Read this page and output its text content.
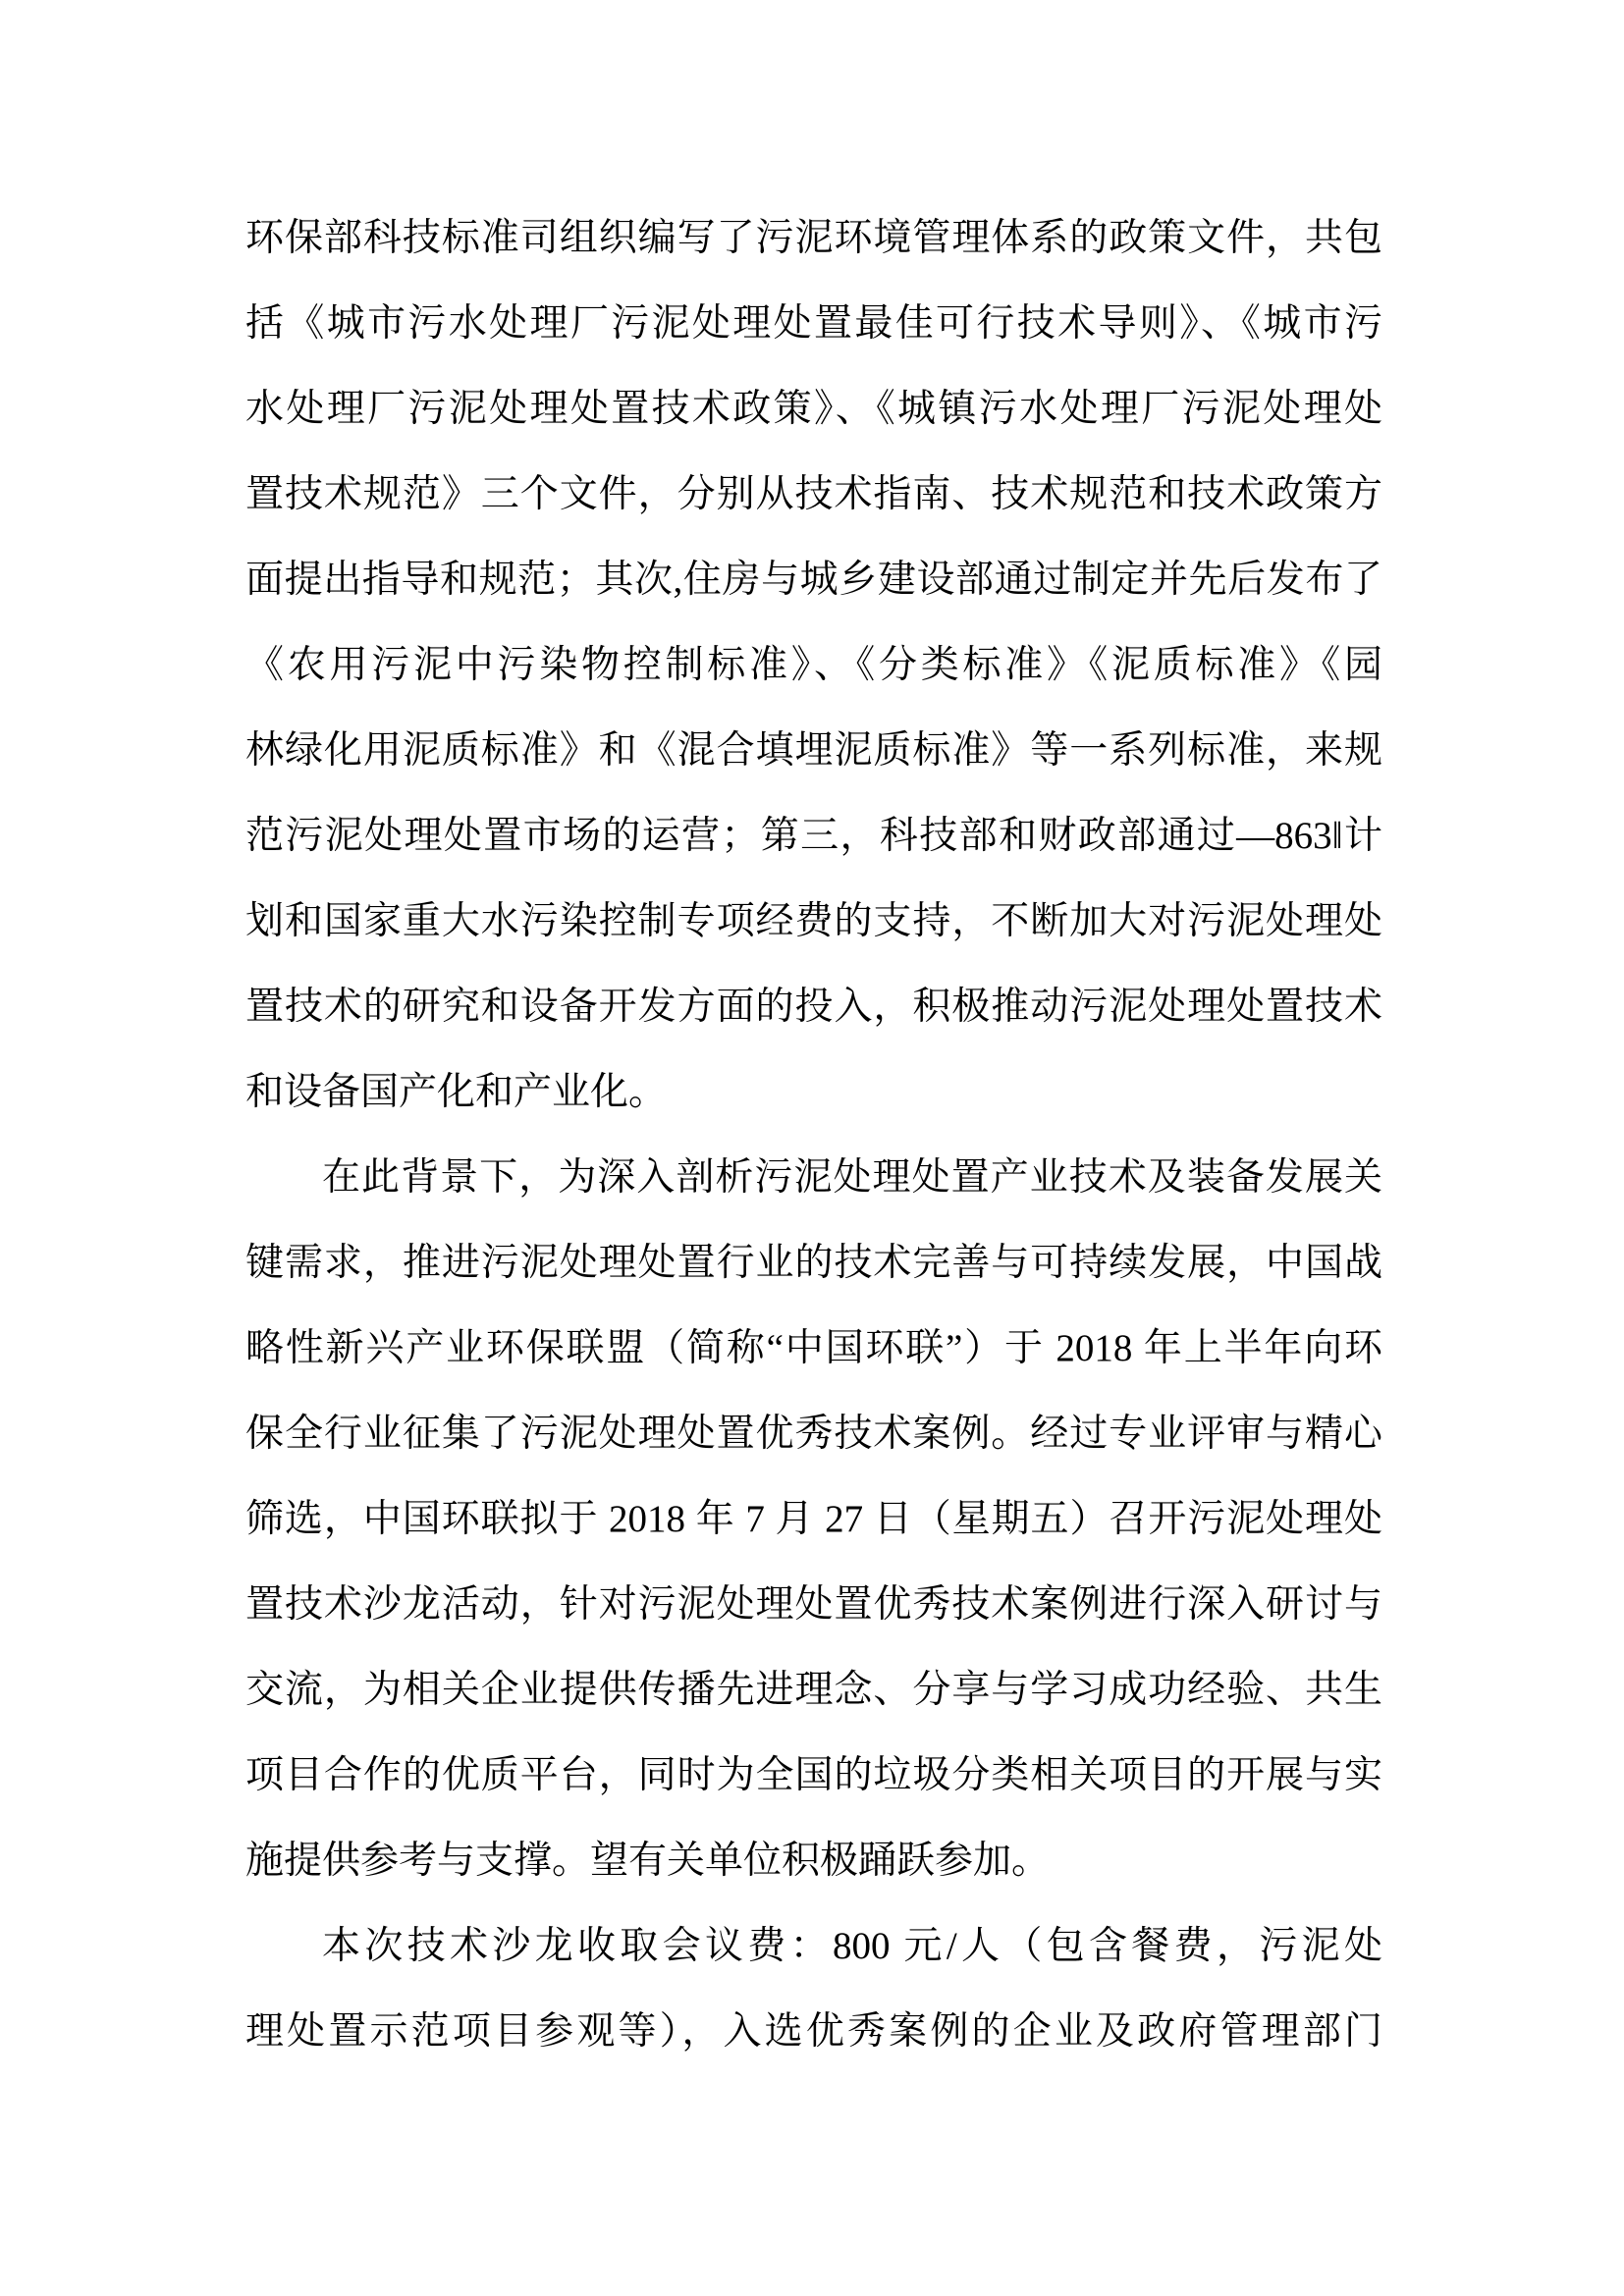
环保部科技标准司组织编写了污泥环境管理体系的政策文件，共包
括《城市污水处理厂污泥处理处置最佳可行技术导则》、《城市污
水处理厂污泥处理处置技术政策》、《城镇污水处理厂污泥处理处
置技术规范》三个文件，分别从技术指南、技术规范和技术政策方
面提出指导和规范；其次,住房与城乡建设部通过制定并先后发布了
《农用污泥中污染物控制标准》、《分类标准》《泥质标准》《园
林绿化用泥质标准》和《混合填埋泥质标准》等一系列标准，来规
范污泥处理处置市场的运营；第三，科技部和财政部通过―863‖计
划和国家重大水污染控制专项经费的支持，不断加大对污泥处理处
置技术的研究和设备开发方面的投入，积极推动污泥处理处置技术
和设备国产化和产业化。
在此背景下，为深入剖析污泥处理处置产业技术及装备发展关
键需求，推进污泥处理处置行业的技术完善与可持续发展，中国战
略性新兴产业环保联盟（简称“中国环联”）于 2018 年上半年向环
保全行业征集了污泥处理处置优秀技术案例。经过专业评审与精心
筛选，中国环联拟于 2018 年 7 月 27 日（星期五）召开污泥处理处
置技术沙龙活动，针对污泥处理处置优秀技术案例进行深入研讨与
交流，为相关企业提供传播先进理念、分享与学习成功经验、共生
项目合作的优质平台，同时为全国的垃圾分类相关项目的开展与实
施提供参考与支撑。望有关单位积极踊跃参加。
本次技术沙龙收取会议费：800 元/人（包含餐费，污泥处
理处置示范项目参观等），入选优秀案例的企业及政府管理部门
